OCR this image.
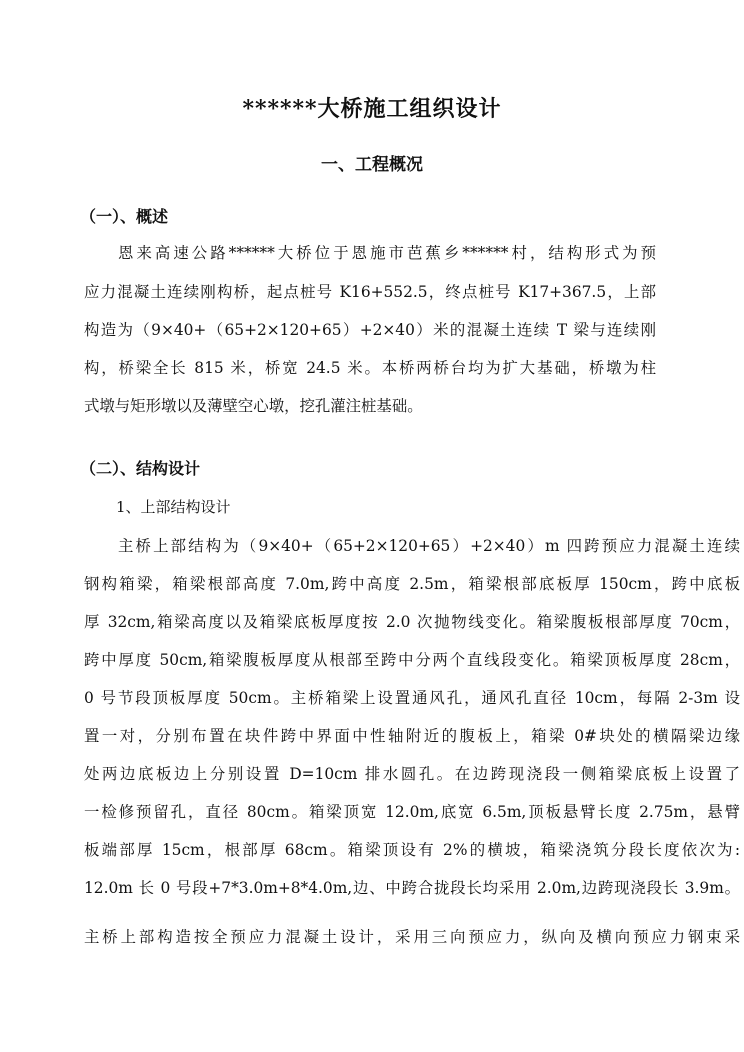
******大桥施工组织设计
一、工程概况
（一）、概述
恩来高速公路******大桥位于恩施市芭蕉乡******村，结构形式为预
应力混凝土连续刚构桥，起点桩号 K16+552.5，终点桩号 K17+367.5，上部
构造为（9×40+（65+2×120+65）+2×40）米的混凝土连续 T 梁与连续刚
构，桥梁全长 815 米，桥宽 24.5 米。本桥两桥台均为扩大基础，桥墩为柱
式墩与矩形墩以及薄壁空心墩，挖孔灌注桩基础。
（二）、结构设计
1、上部结构设计
主桥上部结构为（9×40+（65+2×120+65）+2×40）m 四跨预应力混凝土连续
钢构箱梁，箱梁根部高度 7.0m,跨中高度 2.5m，箱梁根部底板厚 150cm，跨中底板
厚 32cm,箱梁高度以及箱梁底板厚度按 2.0 次抛物线变化。箱梁腹板根部厚度 70cm，
跨中厚度 50cm,箱梁腹板厚度从根部至跨中分两个直线段变化。箱梁顶板厚度 28cm，
0 号节段顶板厚度 50cm。主桥箱梁上设置通风孔，通风孔直径 10cm，每隔 2-3m 设
置一对，分别布置在块件跨中界面中性轴附近的腹板上，箱梁 0#块处的横隔梁边缘
处两边底板边上分别设置 D=10cm 排水圆孔。在边跨现浇段一侧箱梁底板上设置了
一检修预留孔，直径 80cm。箱梁顶宽 12.0m,底宽 6.5m,顶板悬臂长度 2.75m，悬臂
板端部厚 15cm，根部厚 68cm。箱梁顶设有 2%的横坡，箱梁浇筑分段长度依次为:
12.0m 长 0 号段+7*3.0m+8*4.0m,边、中跨合拢段长均采用 2.0m,边跨现浇段长 3.9m。
主桥上部构造按全预应力混凝土设计，采用三向预应力，纵向及横向预应力钢束采
